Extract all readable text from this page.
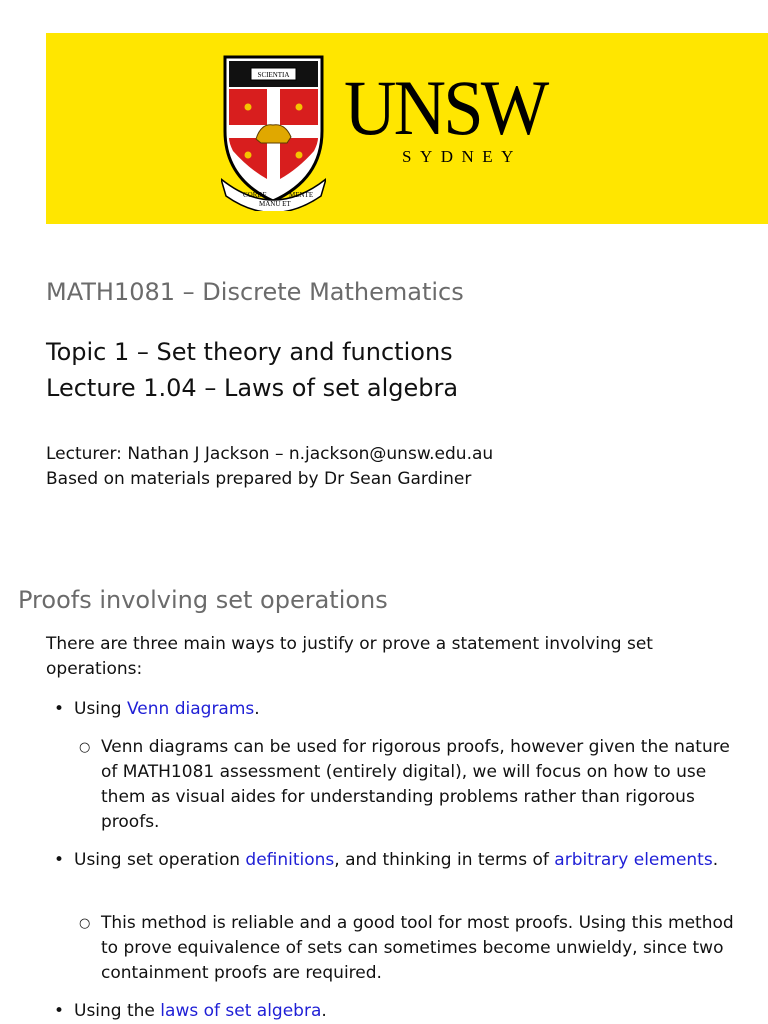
SCIENTIA
CORDE
MANU ET
MENTE
UNSW
SYDNEY
MATH1081 – Discrete Mathematics
Topic 1 – Set theory and functions
Lecture 1.04 – Laws of set algebra
Lecturer: Nathan J Jackson – n.jackson@unsw.edu.au
Based on materials prepared by Dr Sean Gardiner
Proofs involving set operations
There are three main ways to justify or prove a statement involving set operations:
• Using Venn diagrams.
○ Venn diagrams can be used for rigorous proofs, however given the nature of MATH1081 assessment (entirely digital), we will focus on how to use them as visual aides for understanding problems rather than rigorous proofs.
• Using set operation definitions, and thinking in terms of arbitrary elements.
○ This method is reliable and a good tool for most proofs. Using this method to prove equivalence of sets can sometimes become unwieldy, since two containment proofs are required.
• Using the laws of set algebra.
